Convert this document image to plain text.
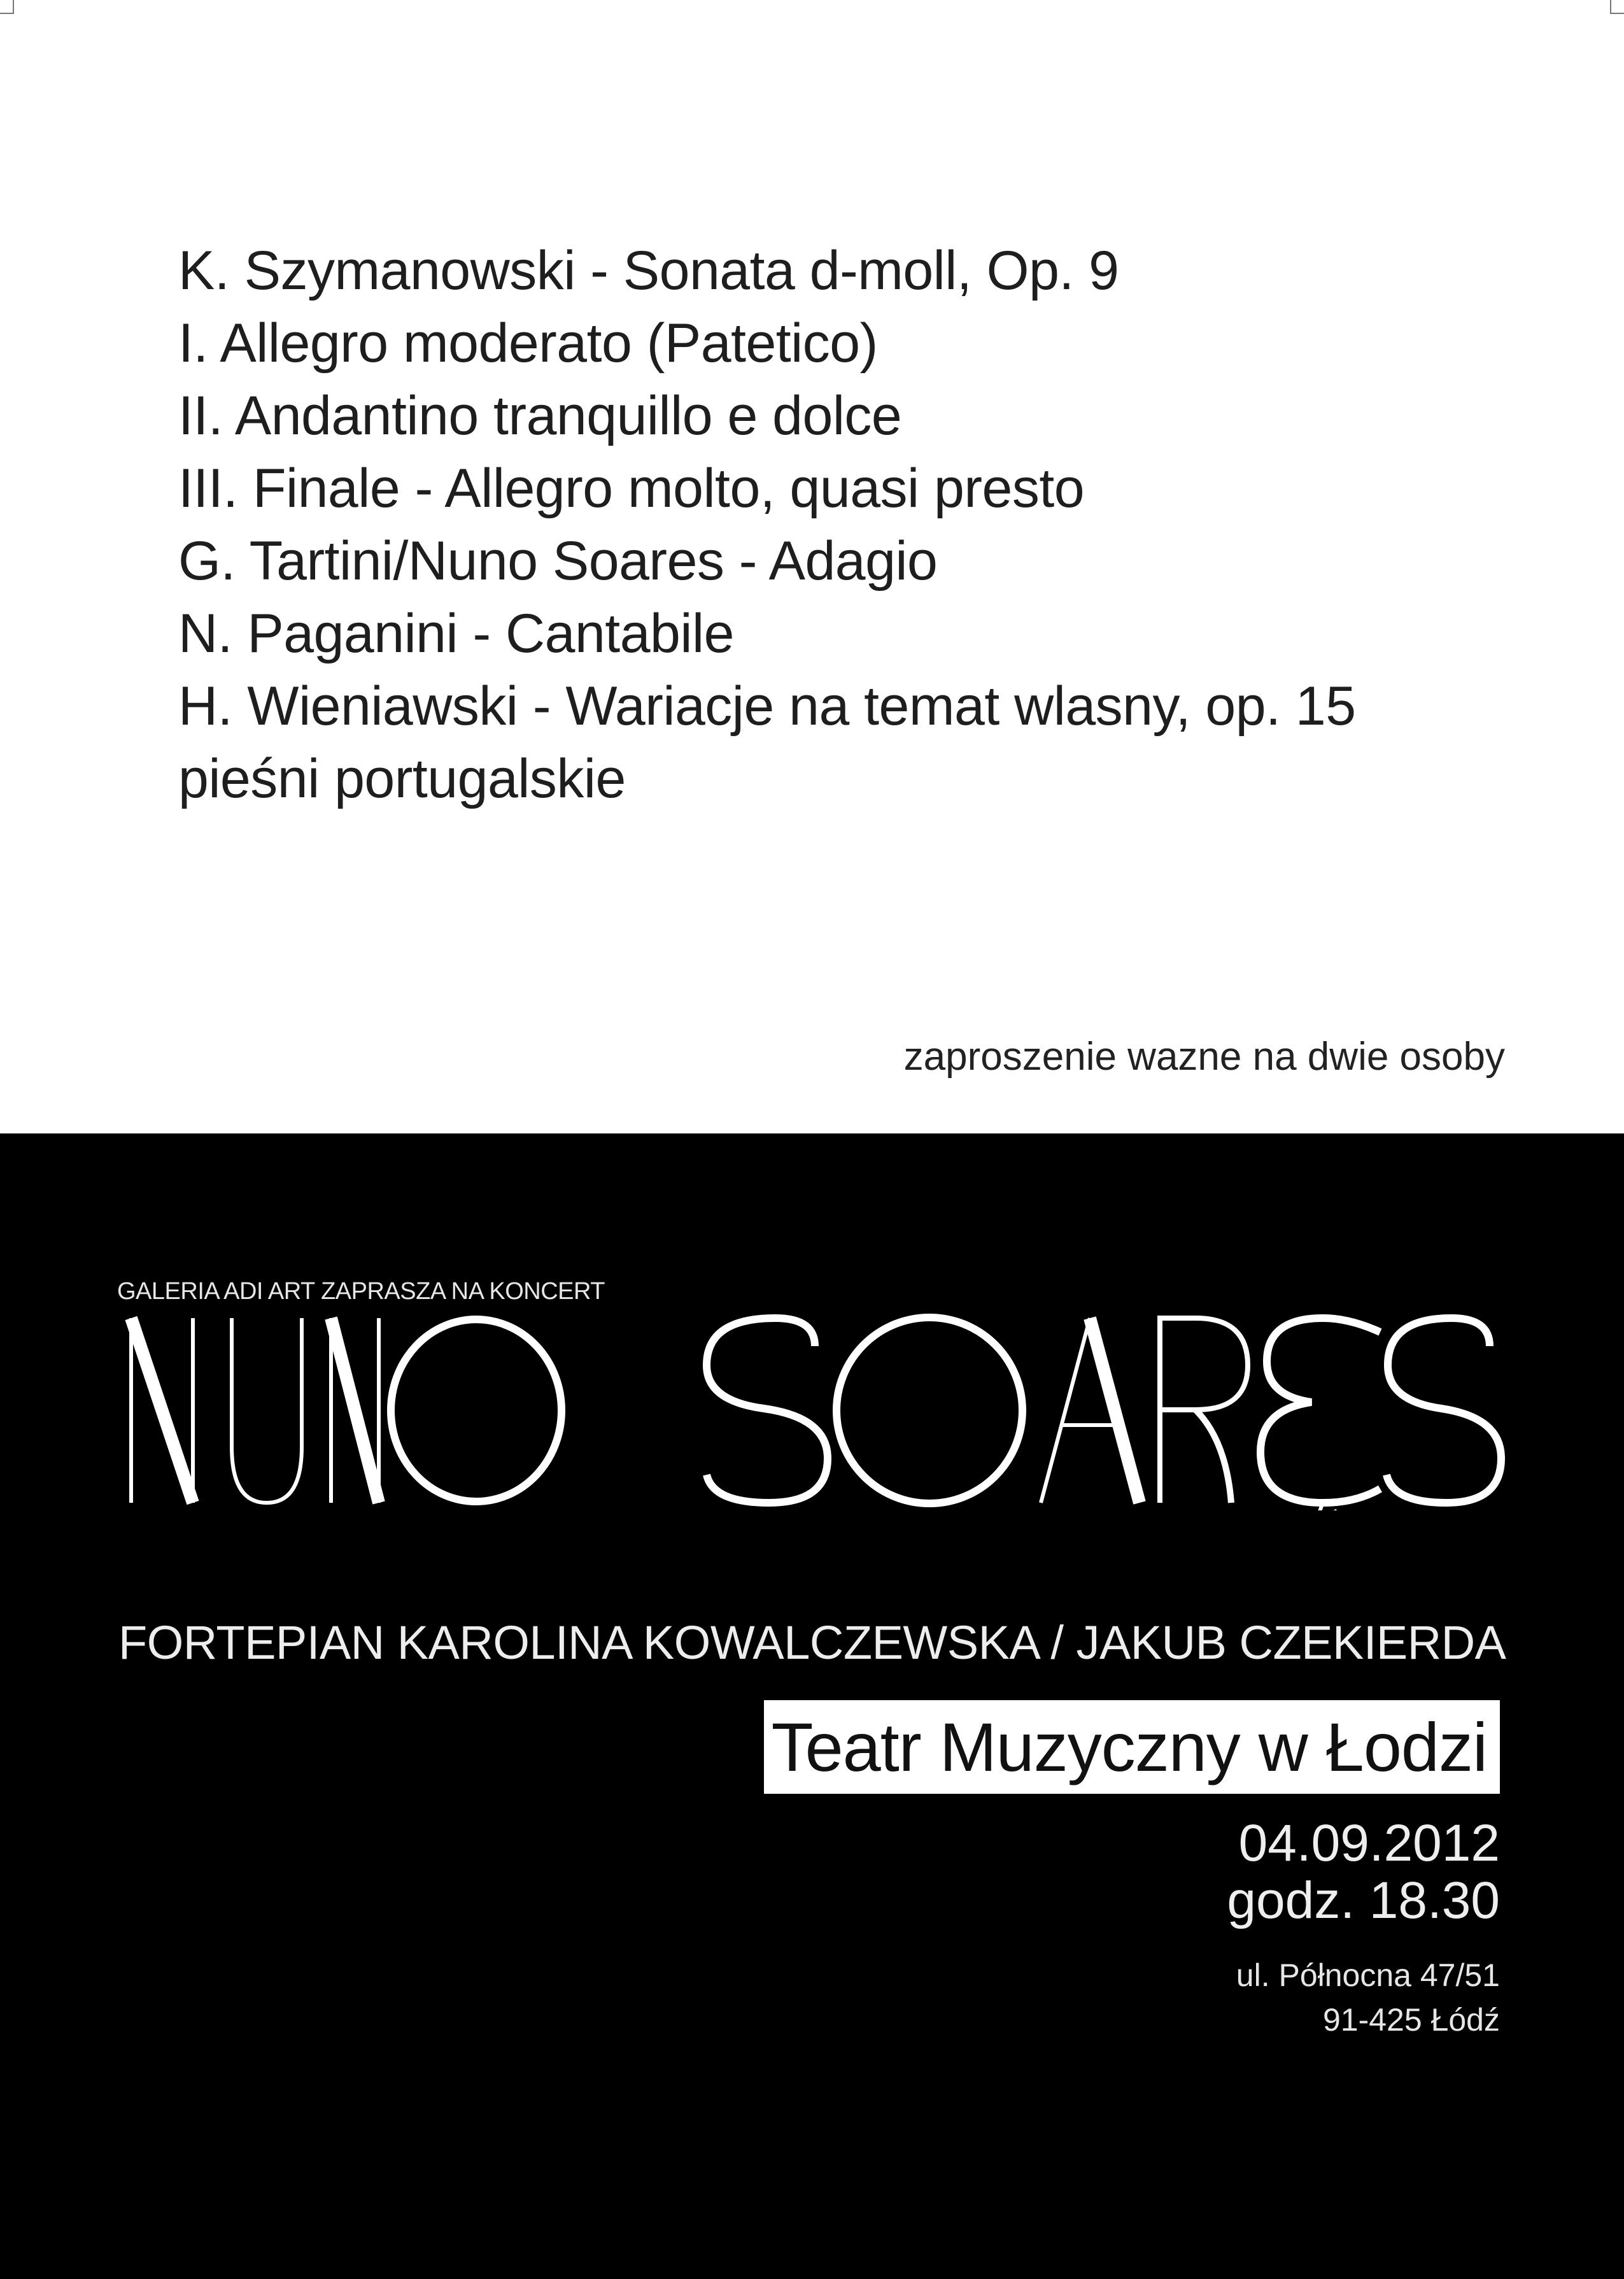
K. Szymanowski - Sonata d-moll, Op. 9
I. Allegro moderato (Patetico)
II. Andantino tranquillo e dolce
III. Finale - Allegro molto, quasi presto
G. Tartini/Nuno Soares - Adagio
N. Paganini - Cantabile
H. Wieniawski - Wariacje na temat wlasny, op. 15
pieśni portugalskie
zaproszenie wazne na dwie osoby
GALERIA ADI ART ZAPRASZA NA KONCERT
FORTEPIAN KAROLINA KOWALCZEWSKA / JAKUB CZEKIERDA
Teatr Muzyczny w Łodzi
04.09.2012
godz. 18.30
ul. Północna 47/51
91-425 Łódź
